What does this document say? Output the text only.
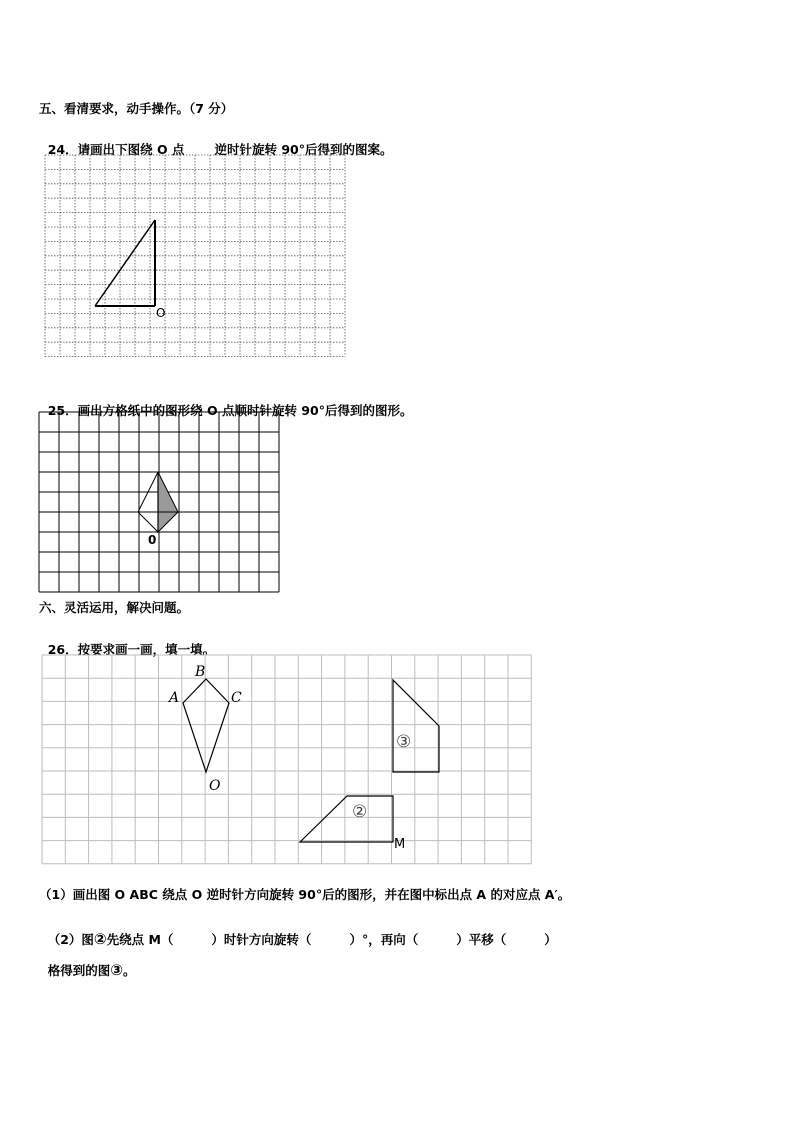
五、看清要求，动手操作。（7 分）

24．请画出下图绕 O 点 逆时针旋转 90°后得到的图案。

O

25．画出方格纸中的图形绕 O 点顺时针旋转 90°后得到的图形。

0
六、灵活运用，解决问题。

26．按要求画一画，填一填。

A
B
C
O
③
②
M
（1）画出图 O ABC 绕点 O 逆时针方向旋转 90°后的图形，并在图中标出点 A 的对应点 A′。

（2）图②先绕点 M（	）时针方向旋转（	）°，再向（	）平移（	）

格得到的图③。
